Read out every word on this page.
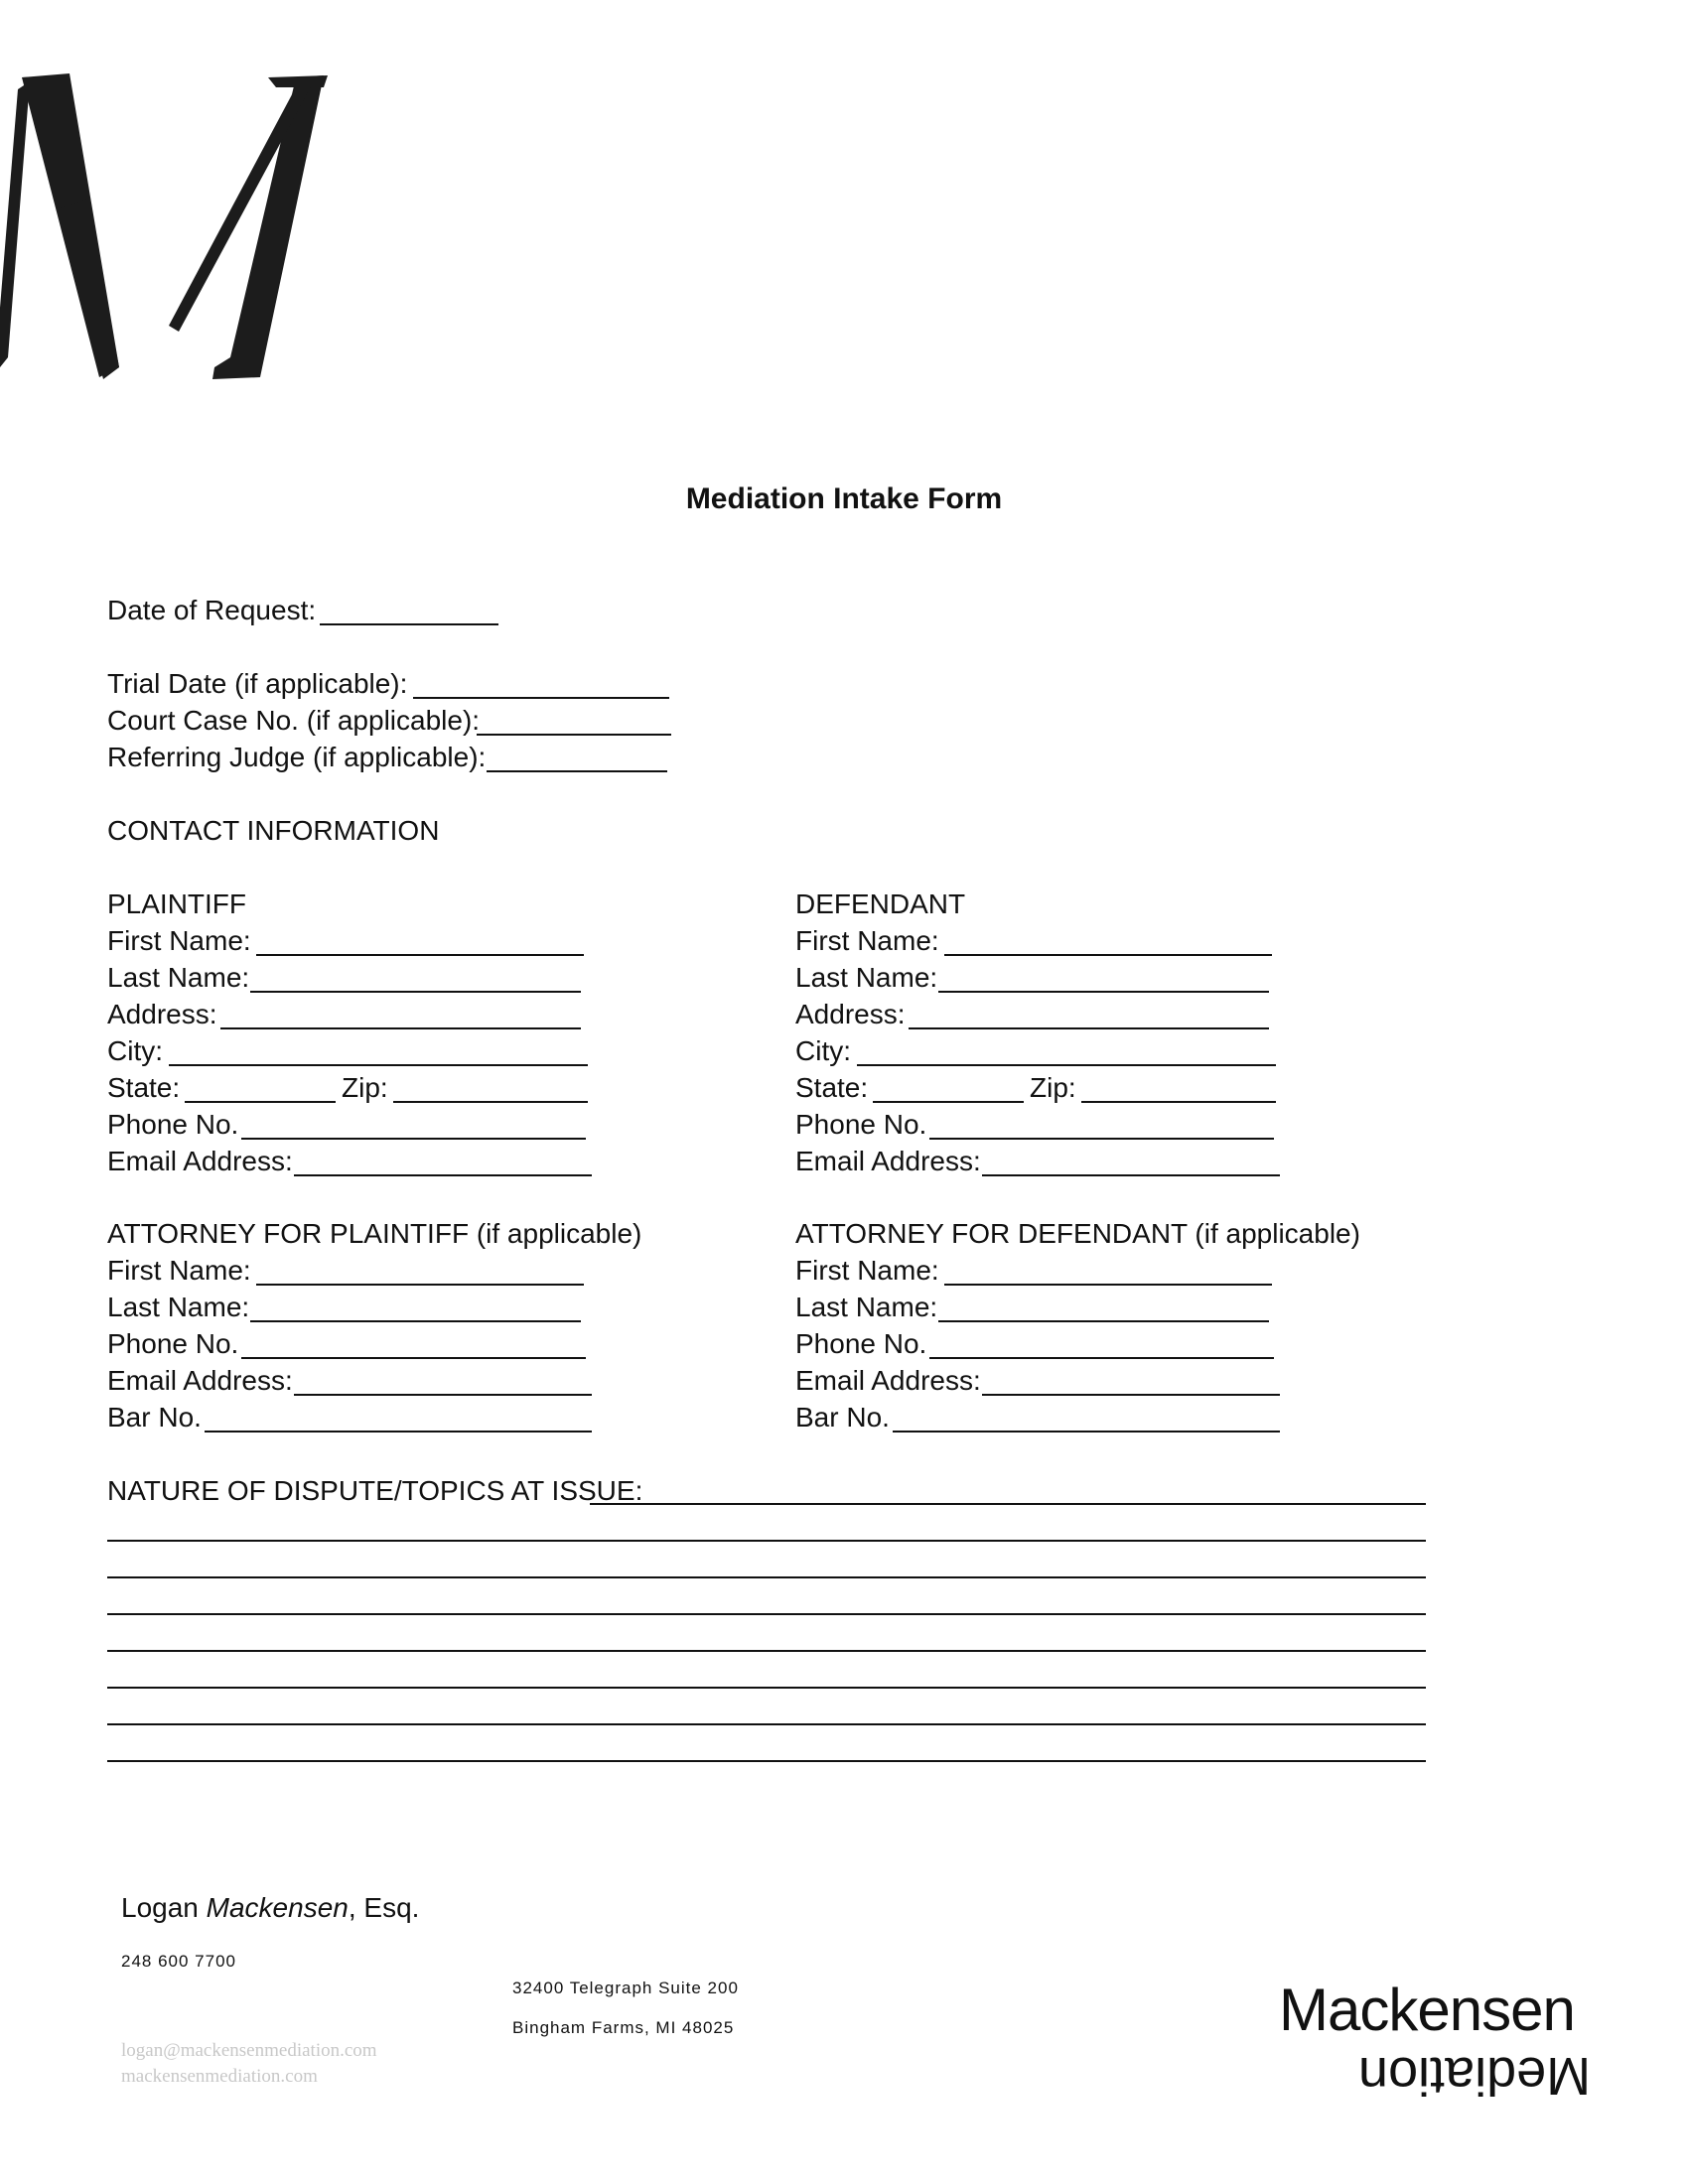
Mediation Intake Form
Date of Request:
Trial Date (if applicable):
Court Case No. (if applicable):
Referring Judge (if applicable):
CONTACT INFORMATION
PLAINTIFF
First Name:
Last Name:
Address:
City:
State:	Zip:
Phone No.
Email Address:
DEFENDANT
First Name:
Last Name:
Address:
City:
State:	Zip:
Phone No.
Email Address:
ATTORNEY FOR PLAINTIFF (if applicable)
First Name:
Last Name:
Phone No.
Email Address:
Bar No.
ATTORNEY FOR DEFENDANT (if applicable)
First Name:
Last Name:
Phone No.
Email Address:
Bar No.
NATURE OF DISPUTE/TOPICS AT ISSUE:
Logan Mackensen, Esq.
248 600 7700
32400 Telegraph Suite 200
Bingham Farms, MI 48025
logan@mackensenmediation.com
mackensenmediation.com
Mackensen
Mediation
